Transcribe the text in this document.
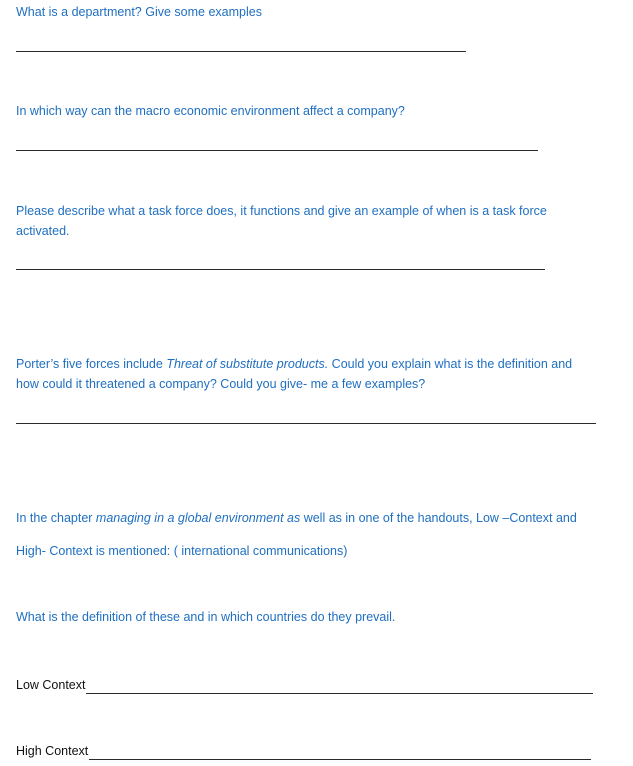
What is a department? Give some examples

In which way can the macro economic environment affect a company?

Please describe what a task force does, it functions and give an example of when is a task force
activated.

Porter’s five forces include Threat of substitute products. Could you explain what is the definition and
how could it threatened a company? Could you give- me a few examples?

In the chapter managing in a global environment as well as in one of the handouts, Low –Context and

High- Context is mentioned: ( international communications)

What is the definition of these and in which countries do they prevail.

Low Context
High Context
